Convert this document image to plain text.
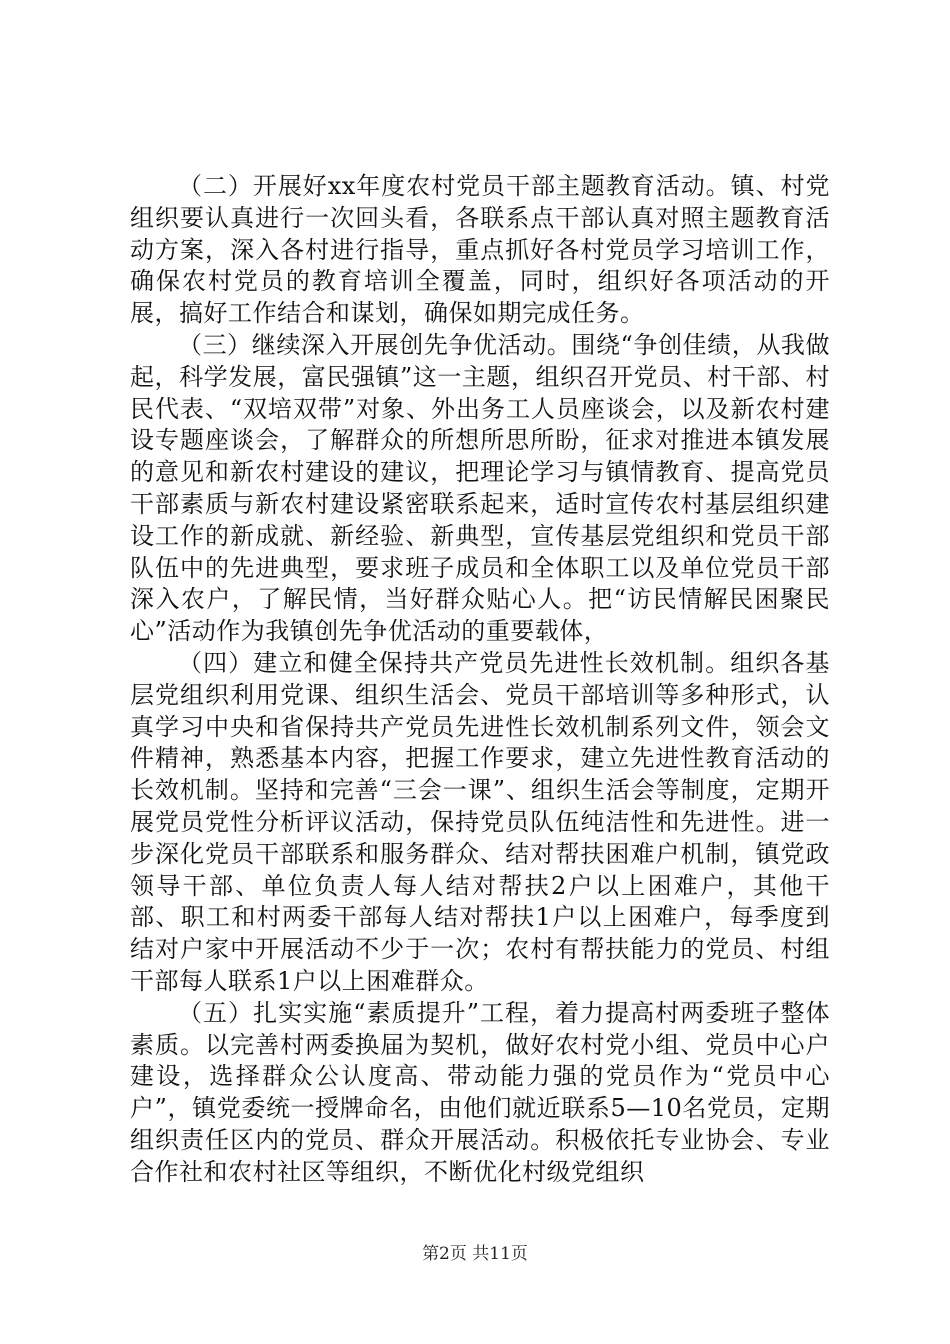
（二）开展好xx年度农村党员干部主题教育活动。镇、村党组织要认真进行一次回头看，各联系点干部认真对照主题教育活动方案，深入各村进行指导，重点抓好各村党员学习培训工作，确保农村党员的教育培训全覆盖，同时，组织好各项活动的开展，搞好工作结合和谋划，确保如期完成任务。

（三）继续深入开展创先争优活动。围绕“争创佳绩，从我做起，科学发展，富民强镇”这一主题，组织召开党员、村干部、村民代表、“双培双带”对象、外出务工人员座谈会，以及新农村建设专题座谈会，了解群众的所想所思所盼，征求对推进本镇发展的意见和新农村建设的建议，把理论学习与镇情教育、提高党员干部素质与新农村建设紧密联系起来，适时宣传农村基层组织建设工作的新成就、新经验、新典型，宣传基层党组织和党员干部队伍中的先进典型，要求班子成员和全体职工以及单位党员干部深入农户，了解民情，当好群众贴心人。把“访民情解民困聚民心”活动作为我镇创先争优活动的重要载体，

（四）建立和健全保持共产党员先进性长效机制。组织各基层党组织利用党课、组织生活会、党员干部培训等多种形式，认真学习中央和省保持共产党员先进性长效机制系列文件，领会文件精神，熟悉基本内容，把握工作要求，建立先进性教育活动的长效机制。坚持和完善“三会一课”、组织生活会等制度，定期开展党员党性分析评议活动，保持党员队伍纯洁性和先进性。进一步深化党员干部联系和服务群众、结对帮扶困难户机制，镇党政领导干部、单位负责人每人结对帮扶2户以上困难户，其他干部、职工和村两委干部每人结对帮扶1户以上困难户，每季度到结对户家中开展活动不少于一次；农村有帮扶能力的党员、村组干部每人联系1户以上困难群众。

（五）扎实实施“素质提升”工程，着力提高村两委班子整体素质。以完善村两委换届为契机，做好农村党小组、党员中心户建设，选择群众公认度高、带动能力强的党员作为“党员中心户”，镇党委统一授牌命名，由他们就近联系5—10名党员，定期组织责任区内的党员、群众开展活动。积极依托专业协会、专业合作社和农村社区等组织，不断优化村级党组织

第2页 共11页
